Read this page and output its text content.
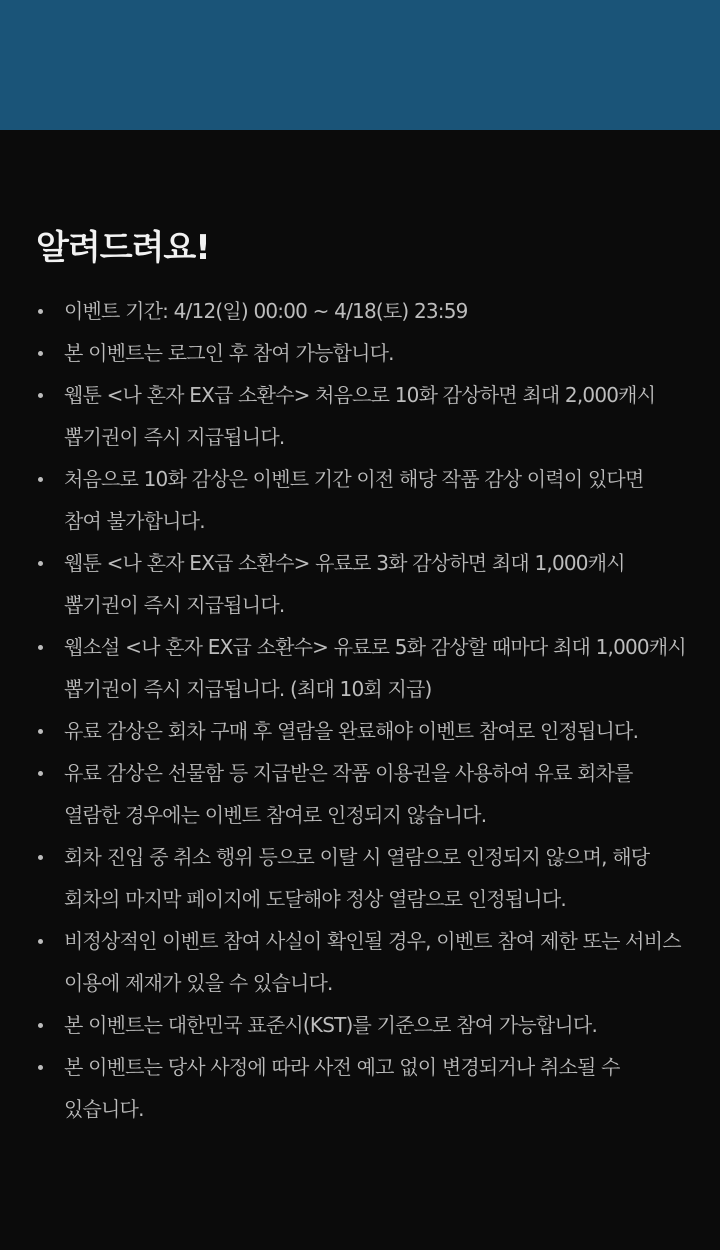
알려드려요!
이벤트 기간: 4/12(일) 00:00 ~ 4/18(토) 23:59
본 이벤트는 로그인 후 참여 가능합니다.
웹툰 <나 혼자 EX급 소환수> 처음으로 10화 감상하면 최대 2,000캐시 뽑기권이 즉시 지급됩니다.
처음으로 10화 감상은 이벤트 기간 이전 해당 작품 감상 이력이 있다면 참여 불가합니다.
웹툰 <나 혼자 EX급 소환수> 유료로 3화 감상하면 최대 1,000캐시 뽑기권이 즉시 지급됩니다.
웹소설 <나 혼자 EX급 소환수> 유료로 5화 감상할 때마다 최대 1,000캐시 뽑기권이 즉시 지급됩니다. (최대 10회 지급)
유료 감상은 회차 구매 후 열람을 완료해야 이벤트 참여로 인정됩니다.
유료 감상은 선물함 등 지급받은 작품 이용권을 사용하여 유료 회차를 열람한 경우에는 이벤트 참여로 인정되지 않습니다.
회차 진입 중 취소 행위 등으로 이탈 시 열람으로 인정되지 않으며, 해당 회차의 마지막 페이지에 도달해야 정상 열람으로 인정됩니다.
비정상적인 이벤트 참여 사실이 확인될 경우, 이벤트 참여 제한 또는 서비스 이용에 제재가 있을 수 있습니다.
본 이벤트는 대한민국 표준시(KST)를 기준으로 참여 가능합니다.
본 이벤트는 당사 사정에 따라 사전 예고 없이 변경되거나 취소될 수 있습니다.
